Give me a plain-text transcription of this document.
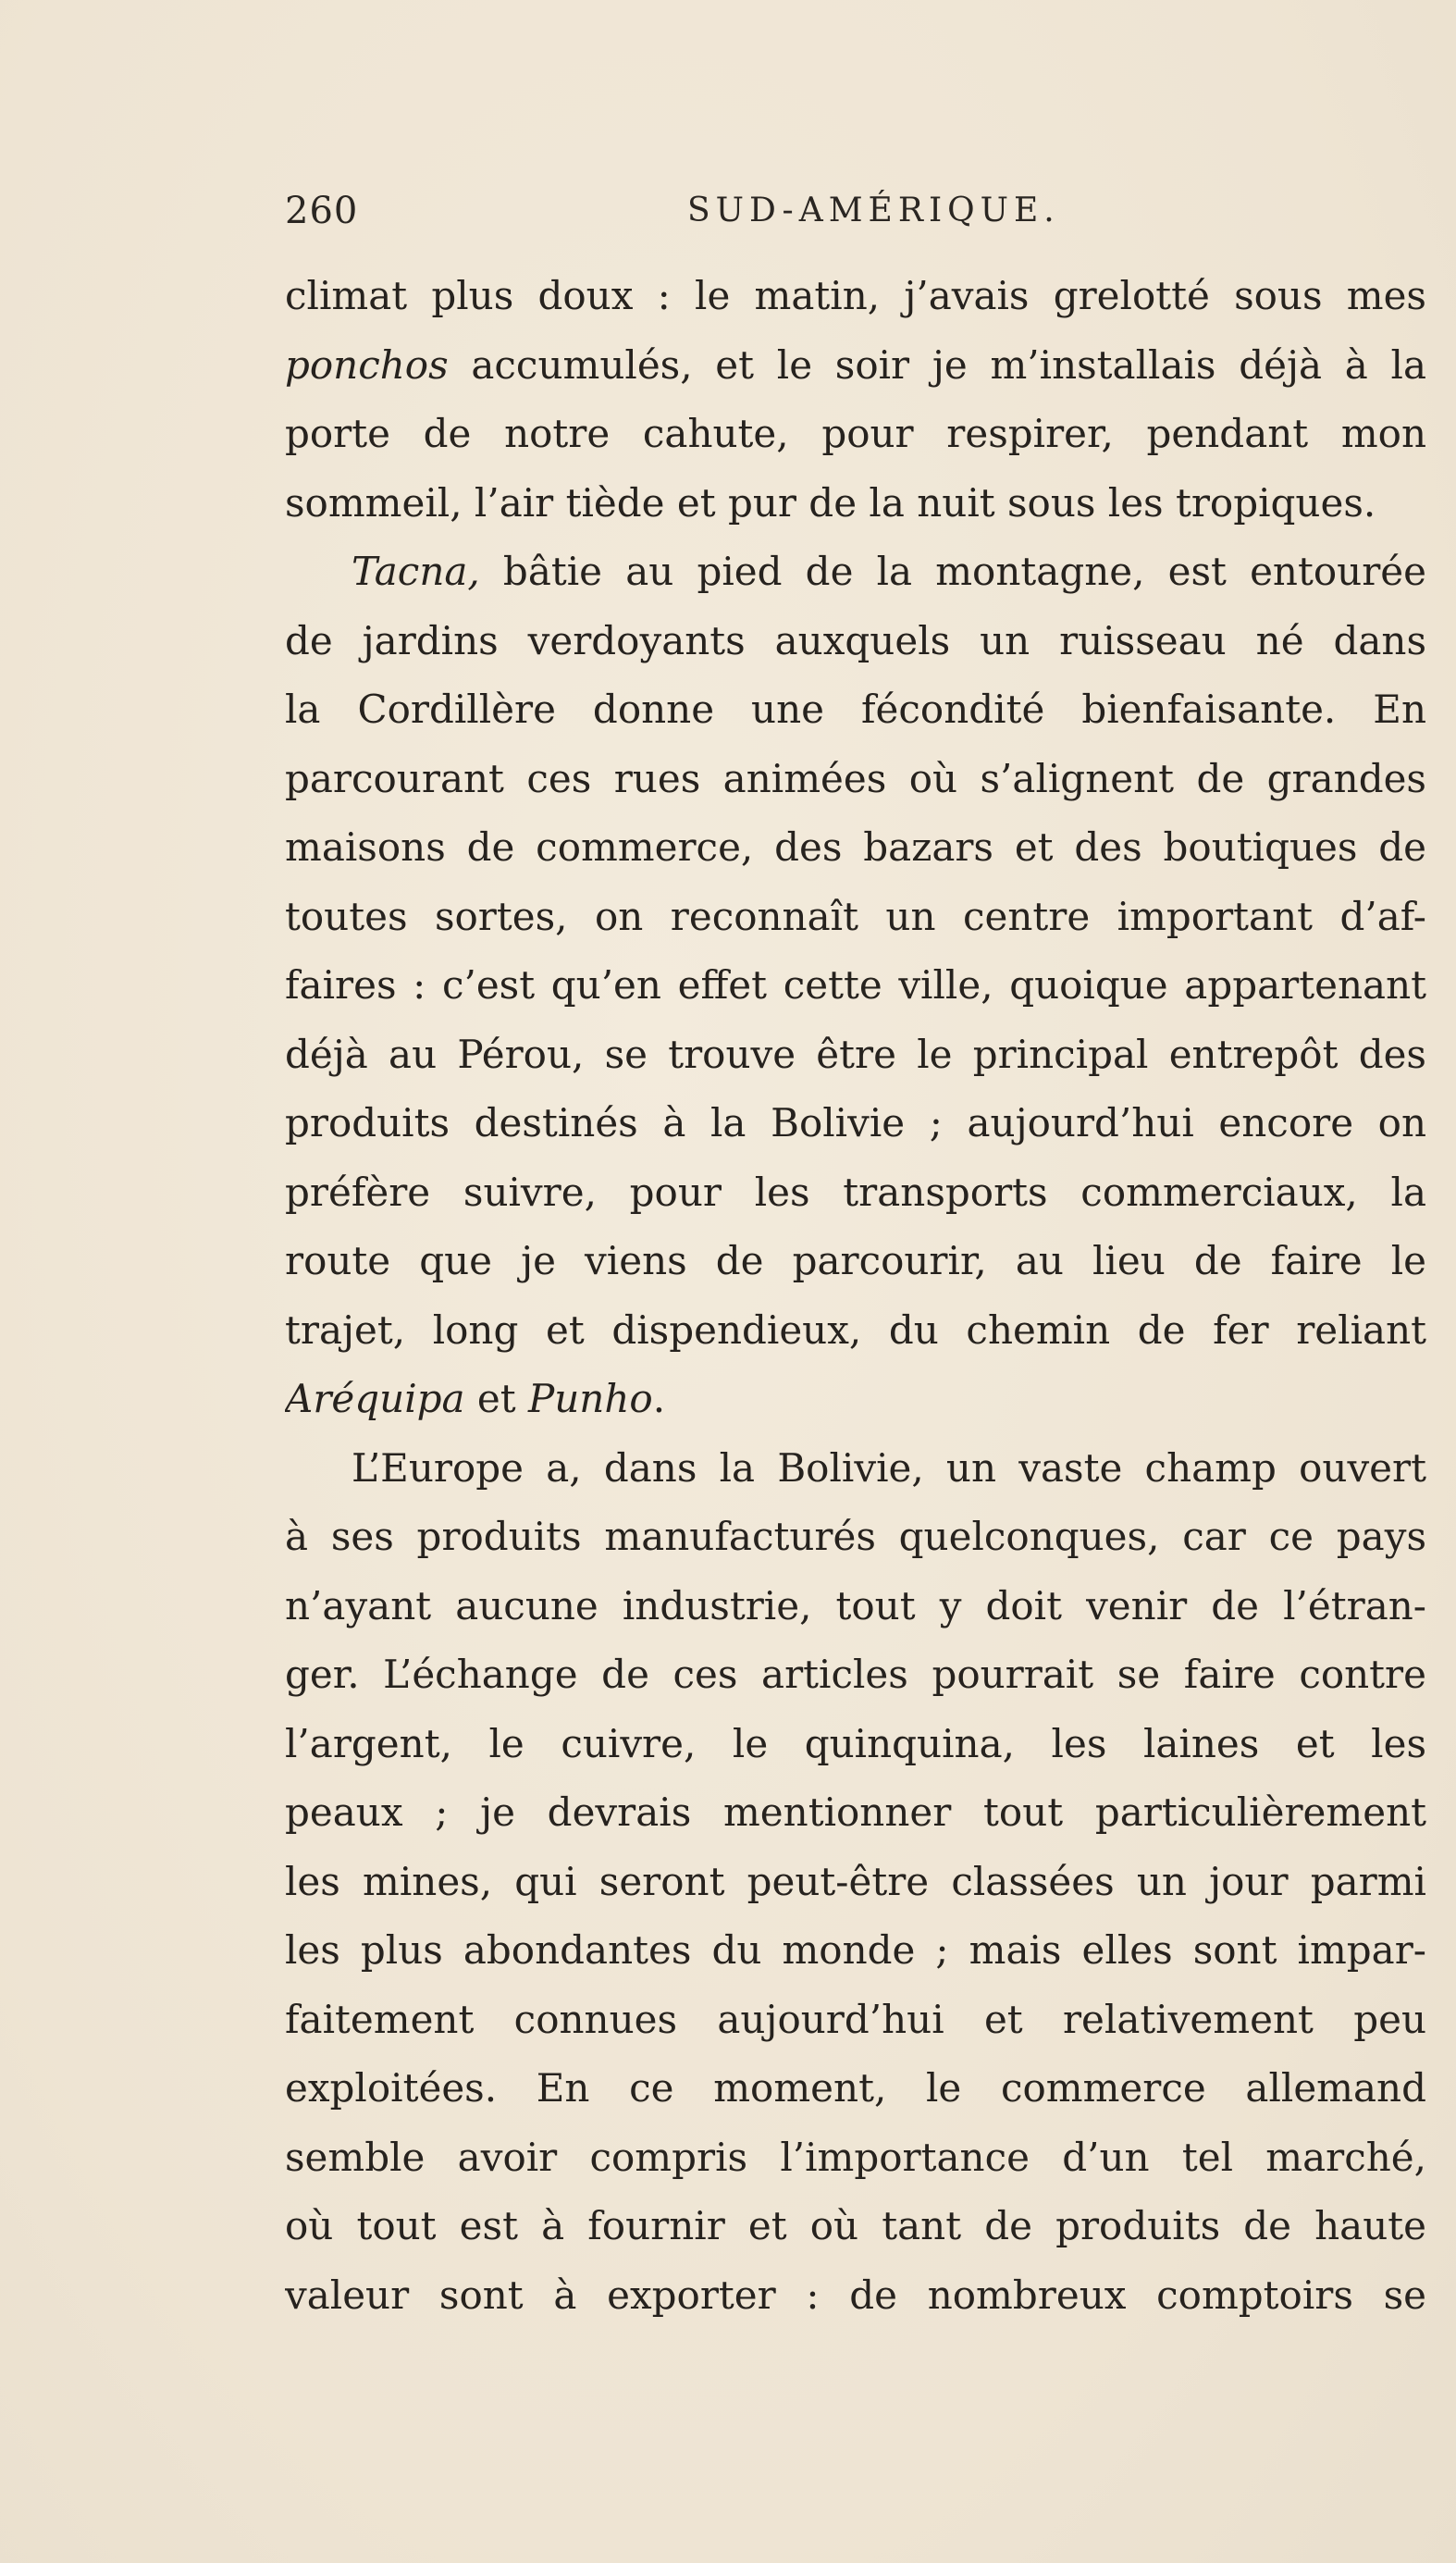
260	SUD-AMÉRIQUE.
climat plus doux : le matin, j’avais grelotté sous mes
ponchos accumulés, et le soir je m’installais déjà à la
porte de notre cahute, pour respirer, pendant mon
sommeil, l’air tiède et pur de la nuit sous les tropiques.
Tacna, bâtie au pied de la montagne, est entourée
de jardins verdoyants auxquels un ruisseau né dans
la Cordillère donne une fécondité bienfaisante. En
parcourant ces rues animées où s’alignent de grandes
maisons de commerce, des bazars et des boutiques de
toutes sortes, on reconnaît un centre important d’af-
faires : c’est qu’en effet cette ville, quoique appartenant
déjà au Pérou, se trouve être le principal entrepôt des
produits destinés à la Bolivie ; aujourd’hui encore on
préfère suivre, pour les transports commerciaux, la
route que je viens de parcourir, au lieu de faire le
trajet, long et dispendieux, du chemin de fer reliant
Aréquipa et Punho.
L’Europe a, dans la Bolivie, un vaste champ ouvert
à ses produits manufacturés quelconques, car ce pays
n’ayant aucune industrie, tout y doit venir de l’étran-
ger. L’échange de ces articles pourrait se faire contre
l’argent, le cuivre, le quinquina, les laines et les
peaux ; je devrais mentionner tout particulièrement
les mines, qui seront peut-être classées un jour parmi
les plus abondantes du monde ; mais elles sont impar-
faitement connues aujourd’hui et relativement peu
exploitées. En ce moment, le commerce allemand
semble avoir compris l’importance d’un tel marché,
où tout est à fournir et où tant de produits de haute
valeur sont à exporter : de nombreux comptoirs se
